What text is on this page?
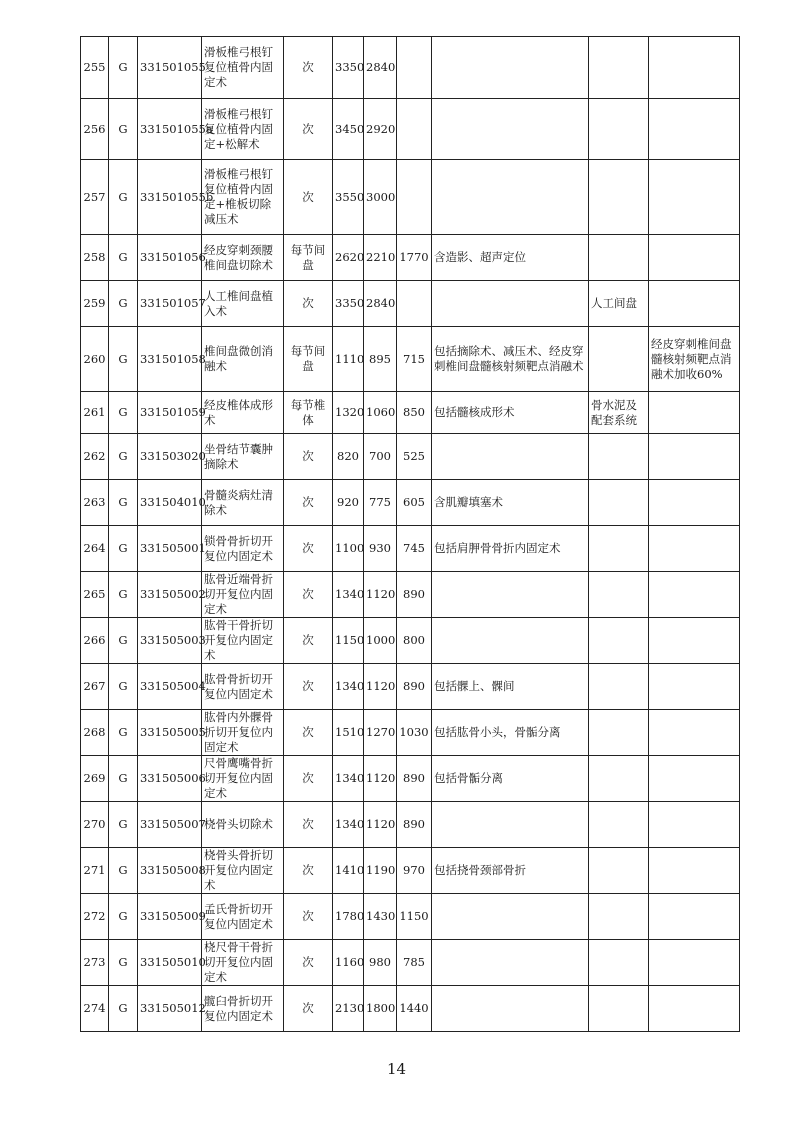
255	G	331501055	滑板椎弓根钉复位植骨内固定术	次	3350	2840				
256	G	331501055a	滑板椎弓根钉复位植骨内固定+松解术	次	3450	2920				
257	G	331501055b	滑板椎弓根钉复位植骨内固定+椎板切除减压术	次	3550	3000				
258	G	331501056	经皮穿刺颈腰椎间盘切除术	每节间盘	2620	2210	1770	含造影、超声定位		
259	G	331501057	人工椎间盘植入术	次	3350	2840			人工间盘	
260	G	331501058	椎间盘微创消融术	每节间盘	1110	895	715	包括摘除术、减压术、经皮穿刺椎间盘髓核射频靶点消融术		经皮穿刺椎间盘髓核射频靶点消融术加收60%
261	G	331501059	经皮椎体成形术	每节椎体	1320	1060	850	包括髓核成形术	骨水泥及配套系统	
262	G	331503020	坐骨结节囊肿摘除术	次	820	700	525			
263	G	331504010	骨髓炎病灶清除术	次	920	775	605	含肌瓣填塞术		
264	G	331505001	锁骨骨折切开复位内固定术	次	1100	930	745	包括肩胛骨骨折内固定术		
265	G	331505002	肱骨近端骨折切开复位内固定术	次	1340	1120	890			
266	G	331505003	肱骨干骨折切开复位内固定术	次	1150	1000	800			
267	G	331505004	肱骨骨折切开复位内固定术	次	1340	1120	890	包括髁上、髁间		
268	G	331505005	肱骨内外髁骨折切开复位内固定术	次	1510	1270	1030	包括肱骨小头，骨骺分离		
269	G	331505006	尺骨鹰嘴骨折切开复位内固定术	次	1340	1120	890	包括骨骺分离		
270	G	331505007	桡骨头切除术	次	1340	1120	890			
271	G	331505008	桡骨头骨折切开复位内固定术	次	1410	1190	970	包括挠骨颈部骨折		
272	G	331505009	孟氏骨折切开复位内固定术	次	1780	1430	1150			
273	G	331505010	桡尺骨干骨折切开复位内固定术	次	1160	980	785			
274	G	331505012	髋臼骨折切开复位内固定术	次	2130	1800	1440			
14
